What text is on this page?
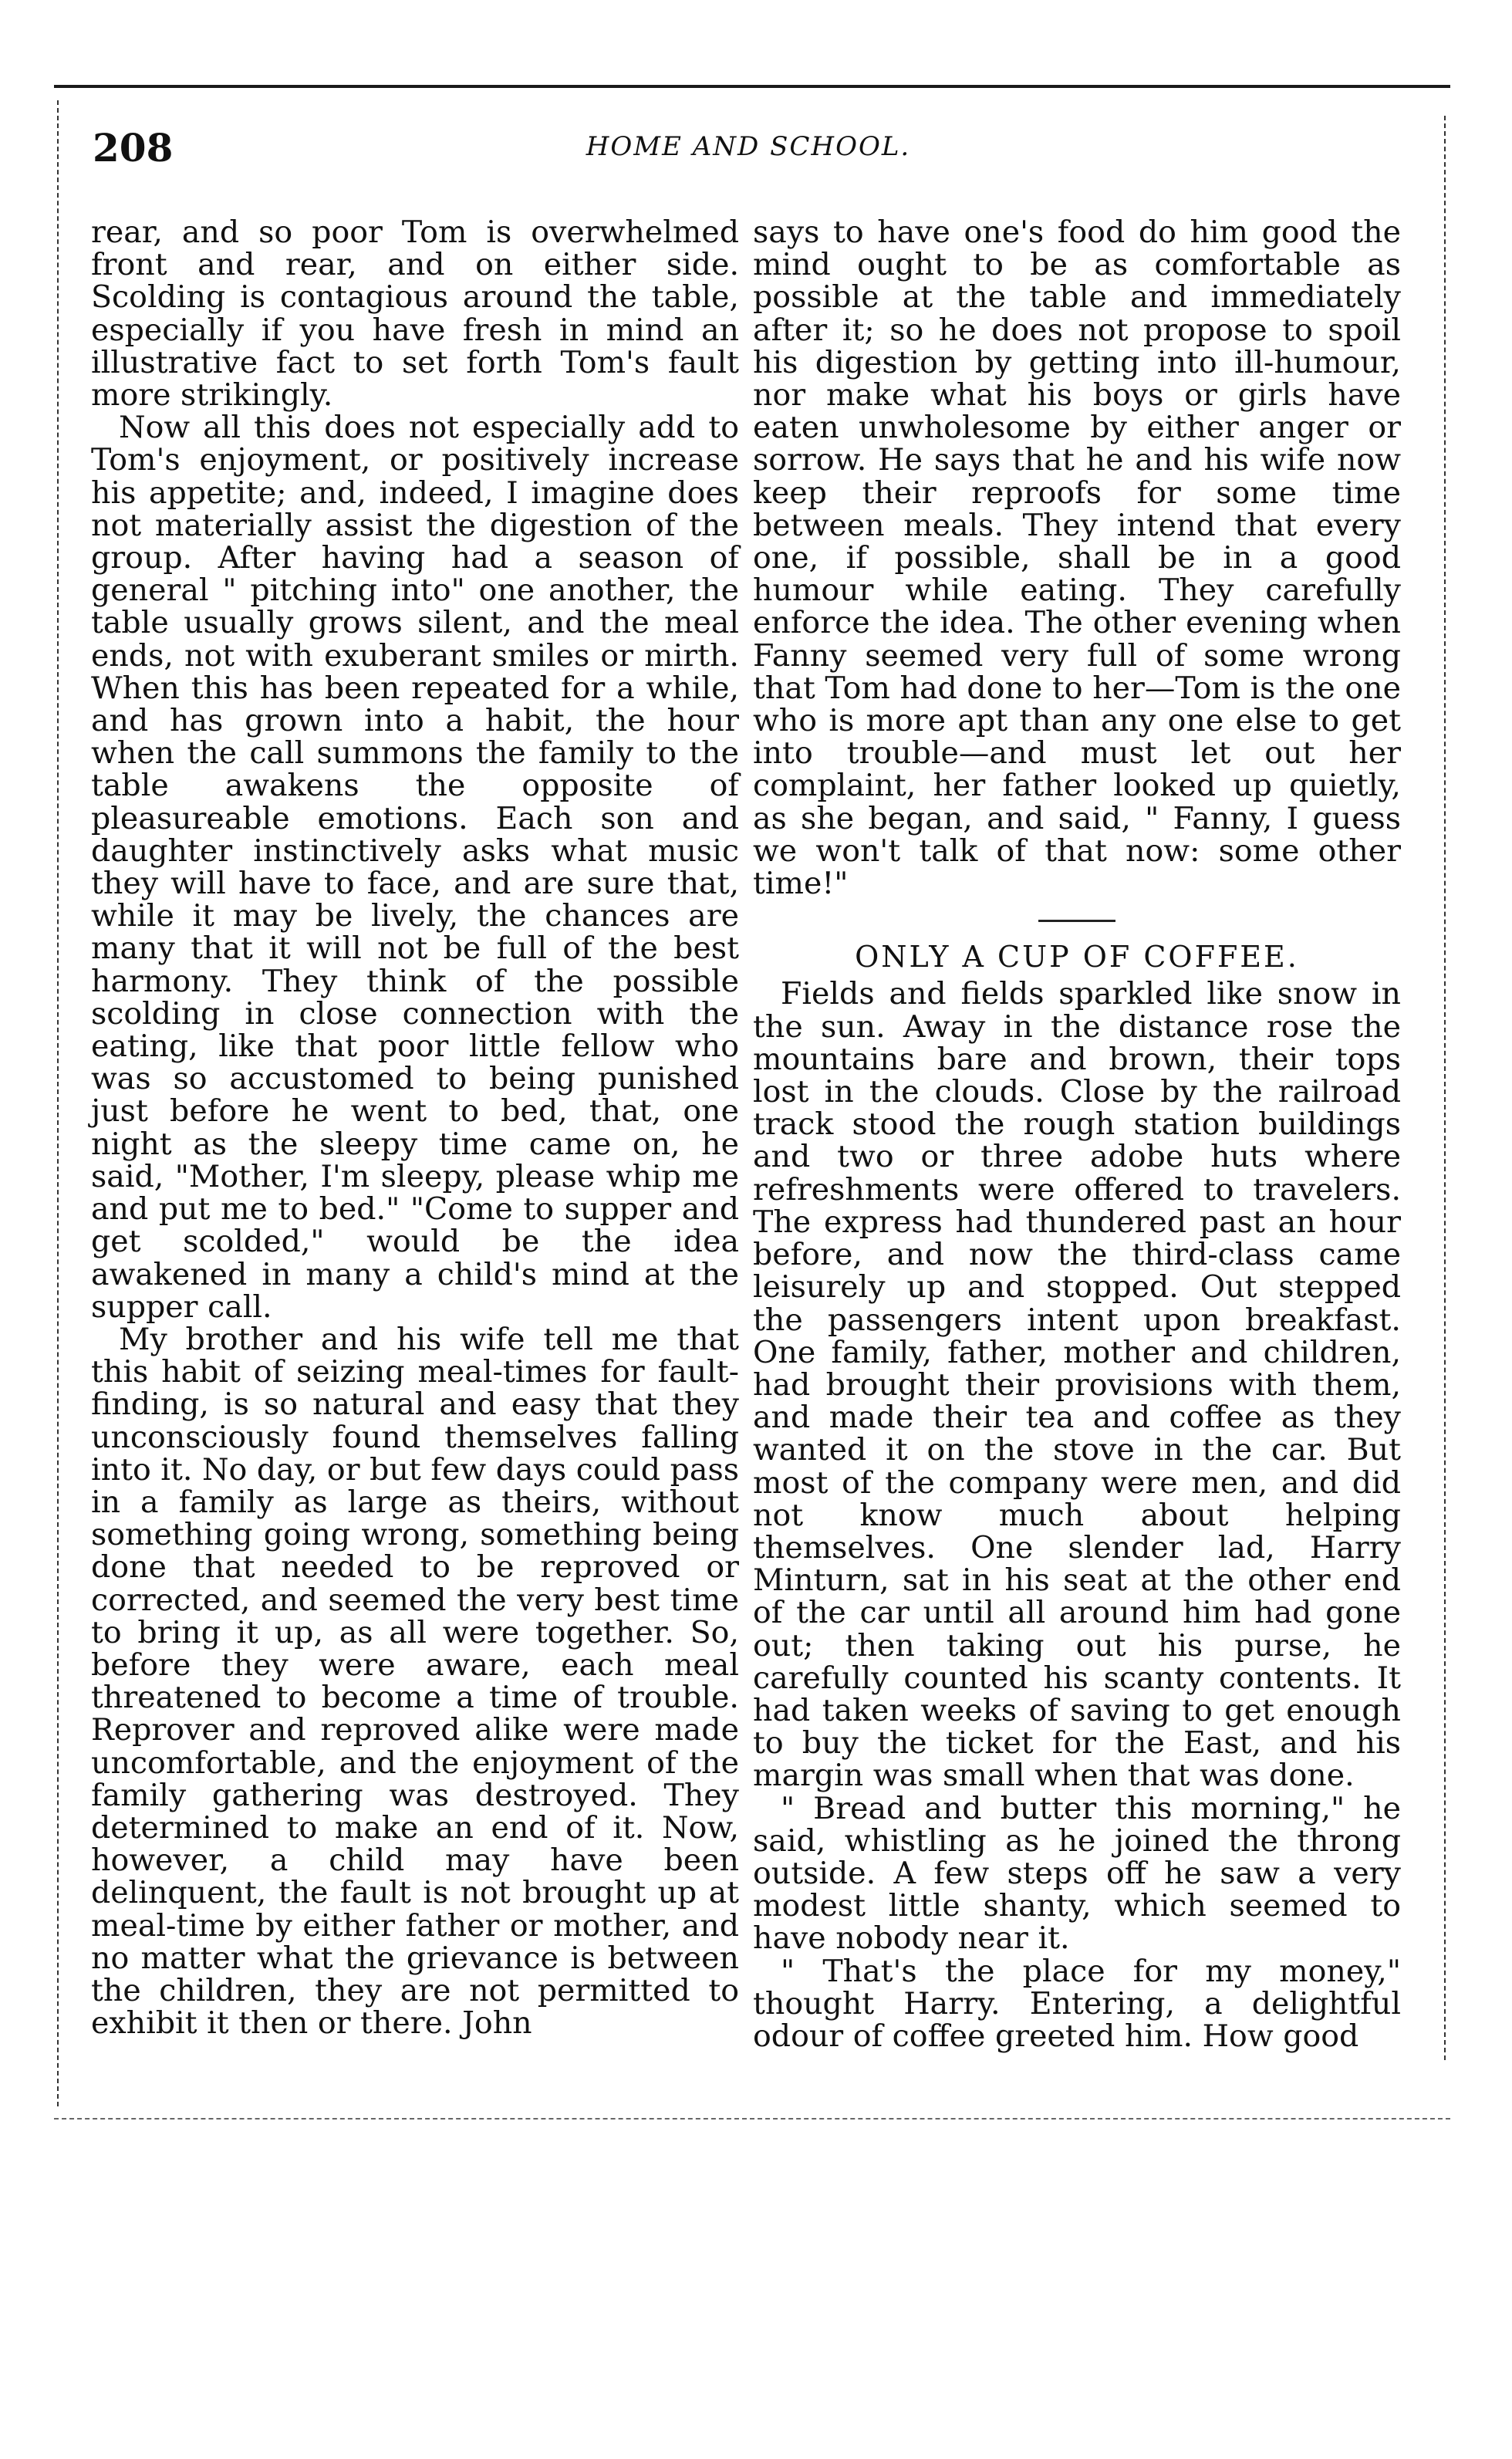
208	HOME AND SCHOOL.

rear, and so poor Tom is overwhelmed front and rear, and on either side. Scolding is contagious around the table, especially if you have fresh in mind an illustrative fact to set forth Tom's fault more strikingly.

Now all this does not especially add to Tom's enjoyment, or positively increase his appetite; and, indeed, I imagine does not materially assist the digestion of the group. After having had a season of general " pitching into" one another, the table usually grows silent, and the meal ends, not with exuberant smiles or mirth. When this has been repeated for a while, and has grown into a habit, the hour when the call summons the family to the table awakens the opposite of pleasureable emotions. Each son and daughter instinctively asks what music they will have to face, and are sure that, while it may be lively, the chances are many that it will not be full of the best harmony. They think of the possible scolding in close connection with the eating, like that poor little fellow who was so accustomed to being punished just before he went to bed, that, one night as the sleepy time came on, he said, "Mother, I'm sleepy, please whip me and put me to bed." "Come to supper and get scolded," would be the idea awakened in many a child's mind at the supper call.

My brother and his wife tell me that this habit of seizing meal-times for fault-finding, is so natural and easy that they unconsciously found themselves falling into it. No day, or but few days could pass in a family as large as theirs, without something going wrong, something being done that needed to be reproved or corrected, and seemed the very best time to bring it up, as all were together. So, before they were aware, each meal threatened to become a time of trouble. Reprover and reproved alike were made uncomfortable, and the enjoyment of the family gathering was destroyed. They determined to make an end of it. Now, however, a child may have been delinquent, the fault is not brought up at meal-time by either father or mother, and no matter what the grievance is between the children, they are not permitted to exhibit it then or there. John

says to have one's food do him good the mind ought to be as comfortable as possible at the table and immediately after it; so he does not propose to spoil his digestion by getting into ill-humour, nor make what his boys or girls have eaten unwholesome by either anger or sorrow. He says that he and his wife now keep their reproofs for some time between meals. They intend that every one, if possible, shall be in a good humour while eating. They carefully enforce the idea. The other evening when Fanny seemed very full of some wrong that Tom had done to her—Tom is the one who is more apt than any one else to get into trouble—and must let out her complaint, her father looked up quietly, as she began, and said, " Fanny, I guess we won't talk of that now: some other time!"

ONLY A CUP OF COFFEE.

Fields and fields sparkled like snow in the sun. Away in the distance rose the mountains bare and brown, their tops lost in the clouds. Close by the railroad track stood the rough station buildings and two or three adobe huts where refreshments were offered to travelers. The express had thundered past an hour before, and now the third-class came leisurely up and stopped. Out stepped the passengers intent upon breakfast. One family, father, mother and children, had brought their provisions with them, and made their tea and coffee as they wanted it on the stove in the car. But most of the company were men, and did not know much about helping themselves. One slender lad, Harry Minturn, sat in his seat at the other end of the car until all around him had gone out; then taking out his purse, he carefully counted his scanty contents. It had taken weeks of saving to get enough to buy the ticket for the East, and his margin was small when that was done.

" Bread and butter this morning," he said, whistling as he joined the throng outside. A few steps off he saw a very modest little shanty, which seemed to have nobody near it.

" That's the place for my money," thought Harry. Entering, a delightful odour of coffee greeted him. How good
